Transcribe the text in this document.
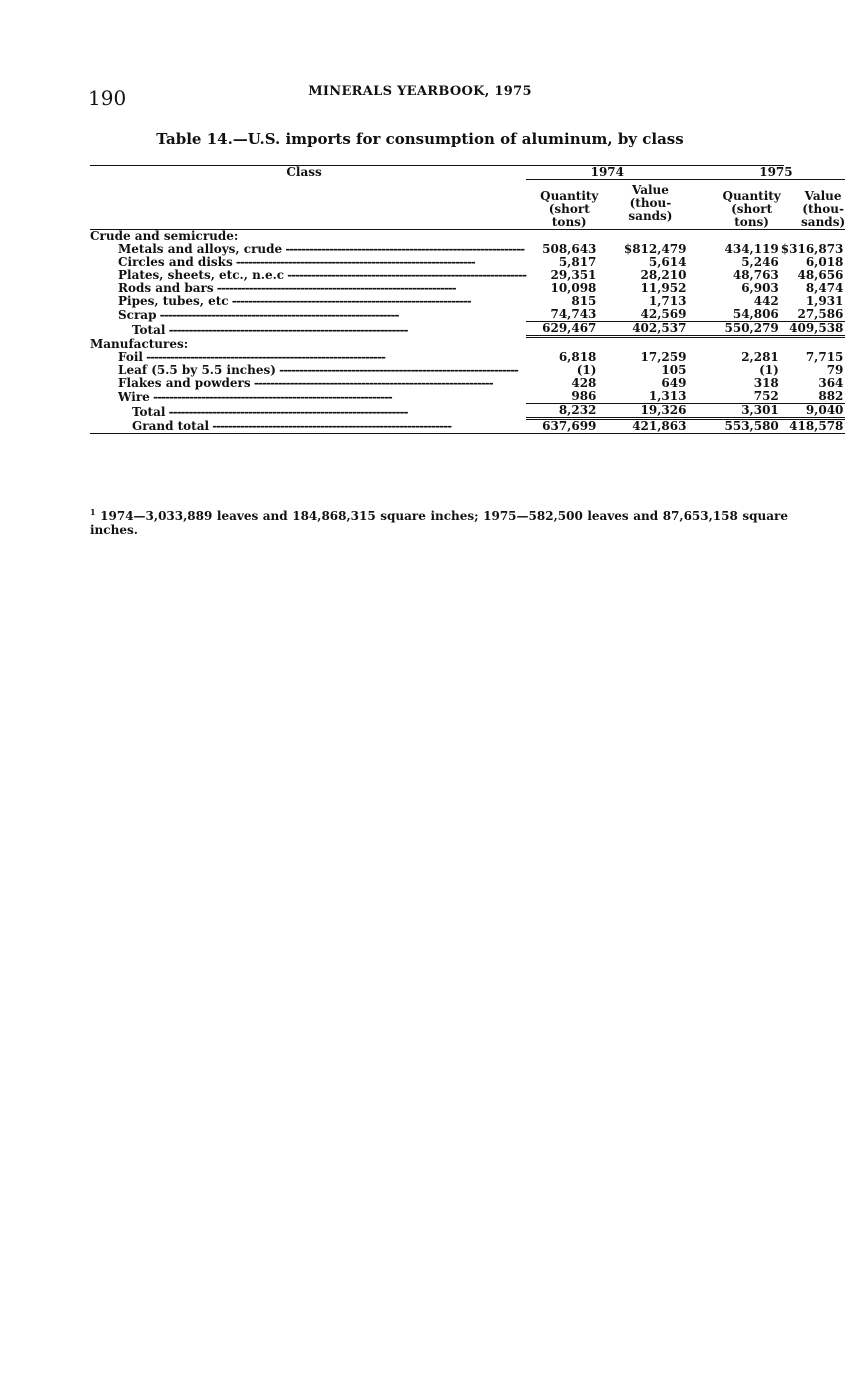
190	MINERALS YEARBOOK, 1975
Table 14.—U.S. imports for consumption of aluminum, by class
Class	1974		1975	

	Quantity (short tons)	Value (thou- sands)	Quantity (short tons)	Value (thou- sands)
Crude and semicrude:				
Metals and alloys, crude ------------------------------------------------------------	508,643	$812,479	434,119	$316,873
Circles and disks ------------------------------------------------------------	5,817	5,614	5,246	6,018
Plates, sheets, etc., n.e.c ------------------------------------------------------------	29,351	28,210	48,763	48,656
Rods and bars ------------------------------------------------------------	10,098	11,952	6,903	8,474
Pipes, tubes, etc ------------------------------------------------------------	815	1,713	442	1,931
Scrap ------------------------------------------------------------	74,743	42,569	54,806	27,586
Total ------------------------------------------------------------	629,467	402,537	550,279	409,538
Manufactures:				
Foil ------------------------------------------------------------	6,818	17,259	2,281	7,715
Leaf (5.5 by 5.5 inches) ------------------------------------------------------------	(1)	105	(1)	79
Flakes and powders ------------------------------------------------------------	428	649	318	364
Wire ------------------------------------------------------------	986	1,313	752	882
Total ------------------------------------------------------------	8,232	19,326	3,301	9,040
Grand total ------------------------------------------------------------	637,699	421,863	553,580	418,578
$^1$ 1974—3,033,889 leaves and 184,868,315 square inches; 1975—582,500 leaves and 87,653,158 square inches.
